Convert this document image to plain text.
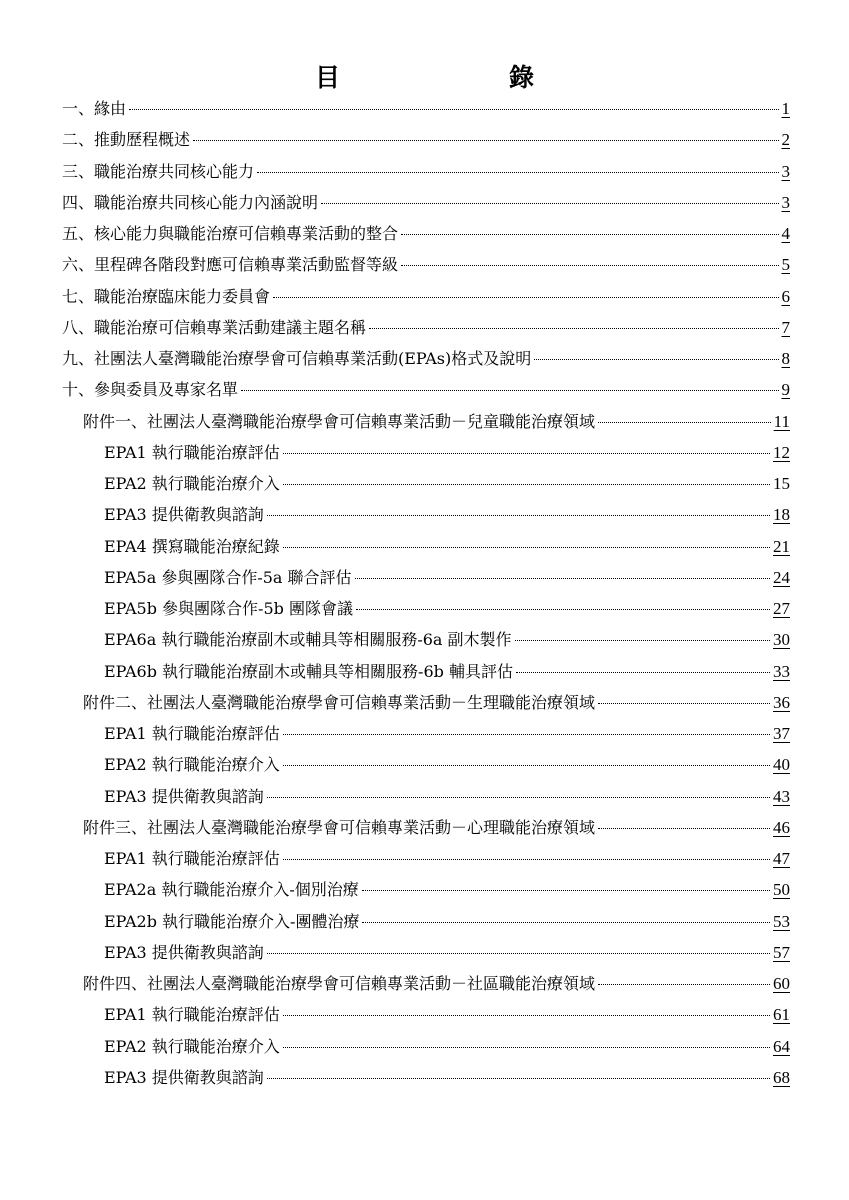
目　錄
一、緣由	1
二、推動歷程概述	2
三、職能治療共同核心能力	3
四、職能治療共同核心能力內涵說明	3
五、核心能力與職能治療可信賴專業活動的整合	4
六、里程碑各階段對應可信賴專業活動監督等級	5
七、職能治療臨床能力委員會	6
八、職能治療可信賴專業活動建議主題名稱	7
九、社團法人臺灣職能治療學會可信賴專業活動(EPAs)格式及說明	8
十、參與委員及專家名單	9
附件一、社團法人臺灣職能治療學會可信賴專業活動－兒童職能治療領域	11
EPA1 執行職能治療評估	12
EPA2 執行職能治療介入	15
EPA3 提供衛教與諮詢	18
EPA4 撰寫職能治療紀錄	21
EPA5a 參與團隊合作-5a 聯合評估	24
EPA5b 參與團隊合作-5b 團隊會議	27
EPA6a 執行職能治療副木或輔具等相關服務-6a 副木製作	30
EPA6b 執行職能治療副木或輔具等相關服務-6b 輔具評估	33
附件二、社團法人臺灣職能治療學會可信賴專業活動－生理職能治療領域	36
EPA1 執行職能治療評估	37
EPA2 執行職能治療介入	40
EPA3 提供衛教與諮詢	43
附件三、社團法人臺灣職能治療學會可信賴專業活動－心理職能治療領域	46
EPA1 執行職能治療評估	47
EPA2a 執行職能治療介入-個別治療	50
EPA2b 執行職能治療介入-團體治療	53
EPA3 提供衛教與諮詢	57
附件四、社團法人臺灣職能治療學會可信賴專業活動－社區職能治療領域	60
EPA1 執行職能治療評估	61
EPA2 執行職能治療介入	64
EPA3 提供衛教與諮詢	68
